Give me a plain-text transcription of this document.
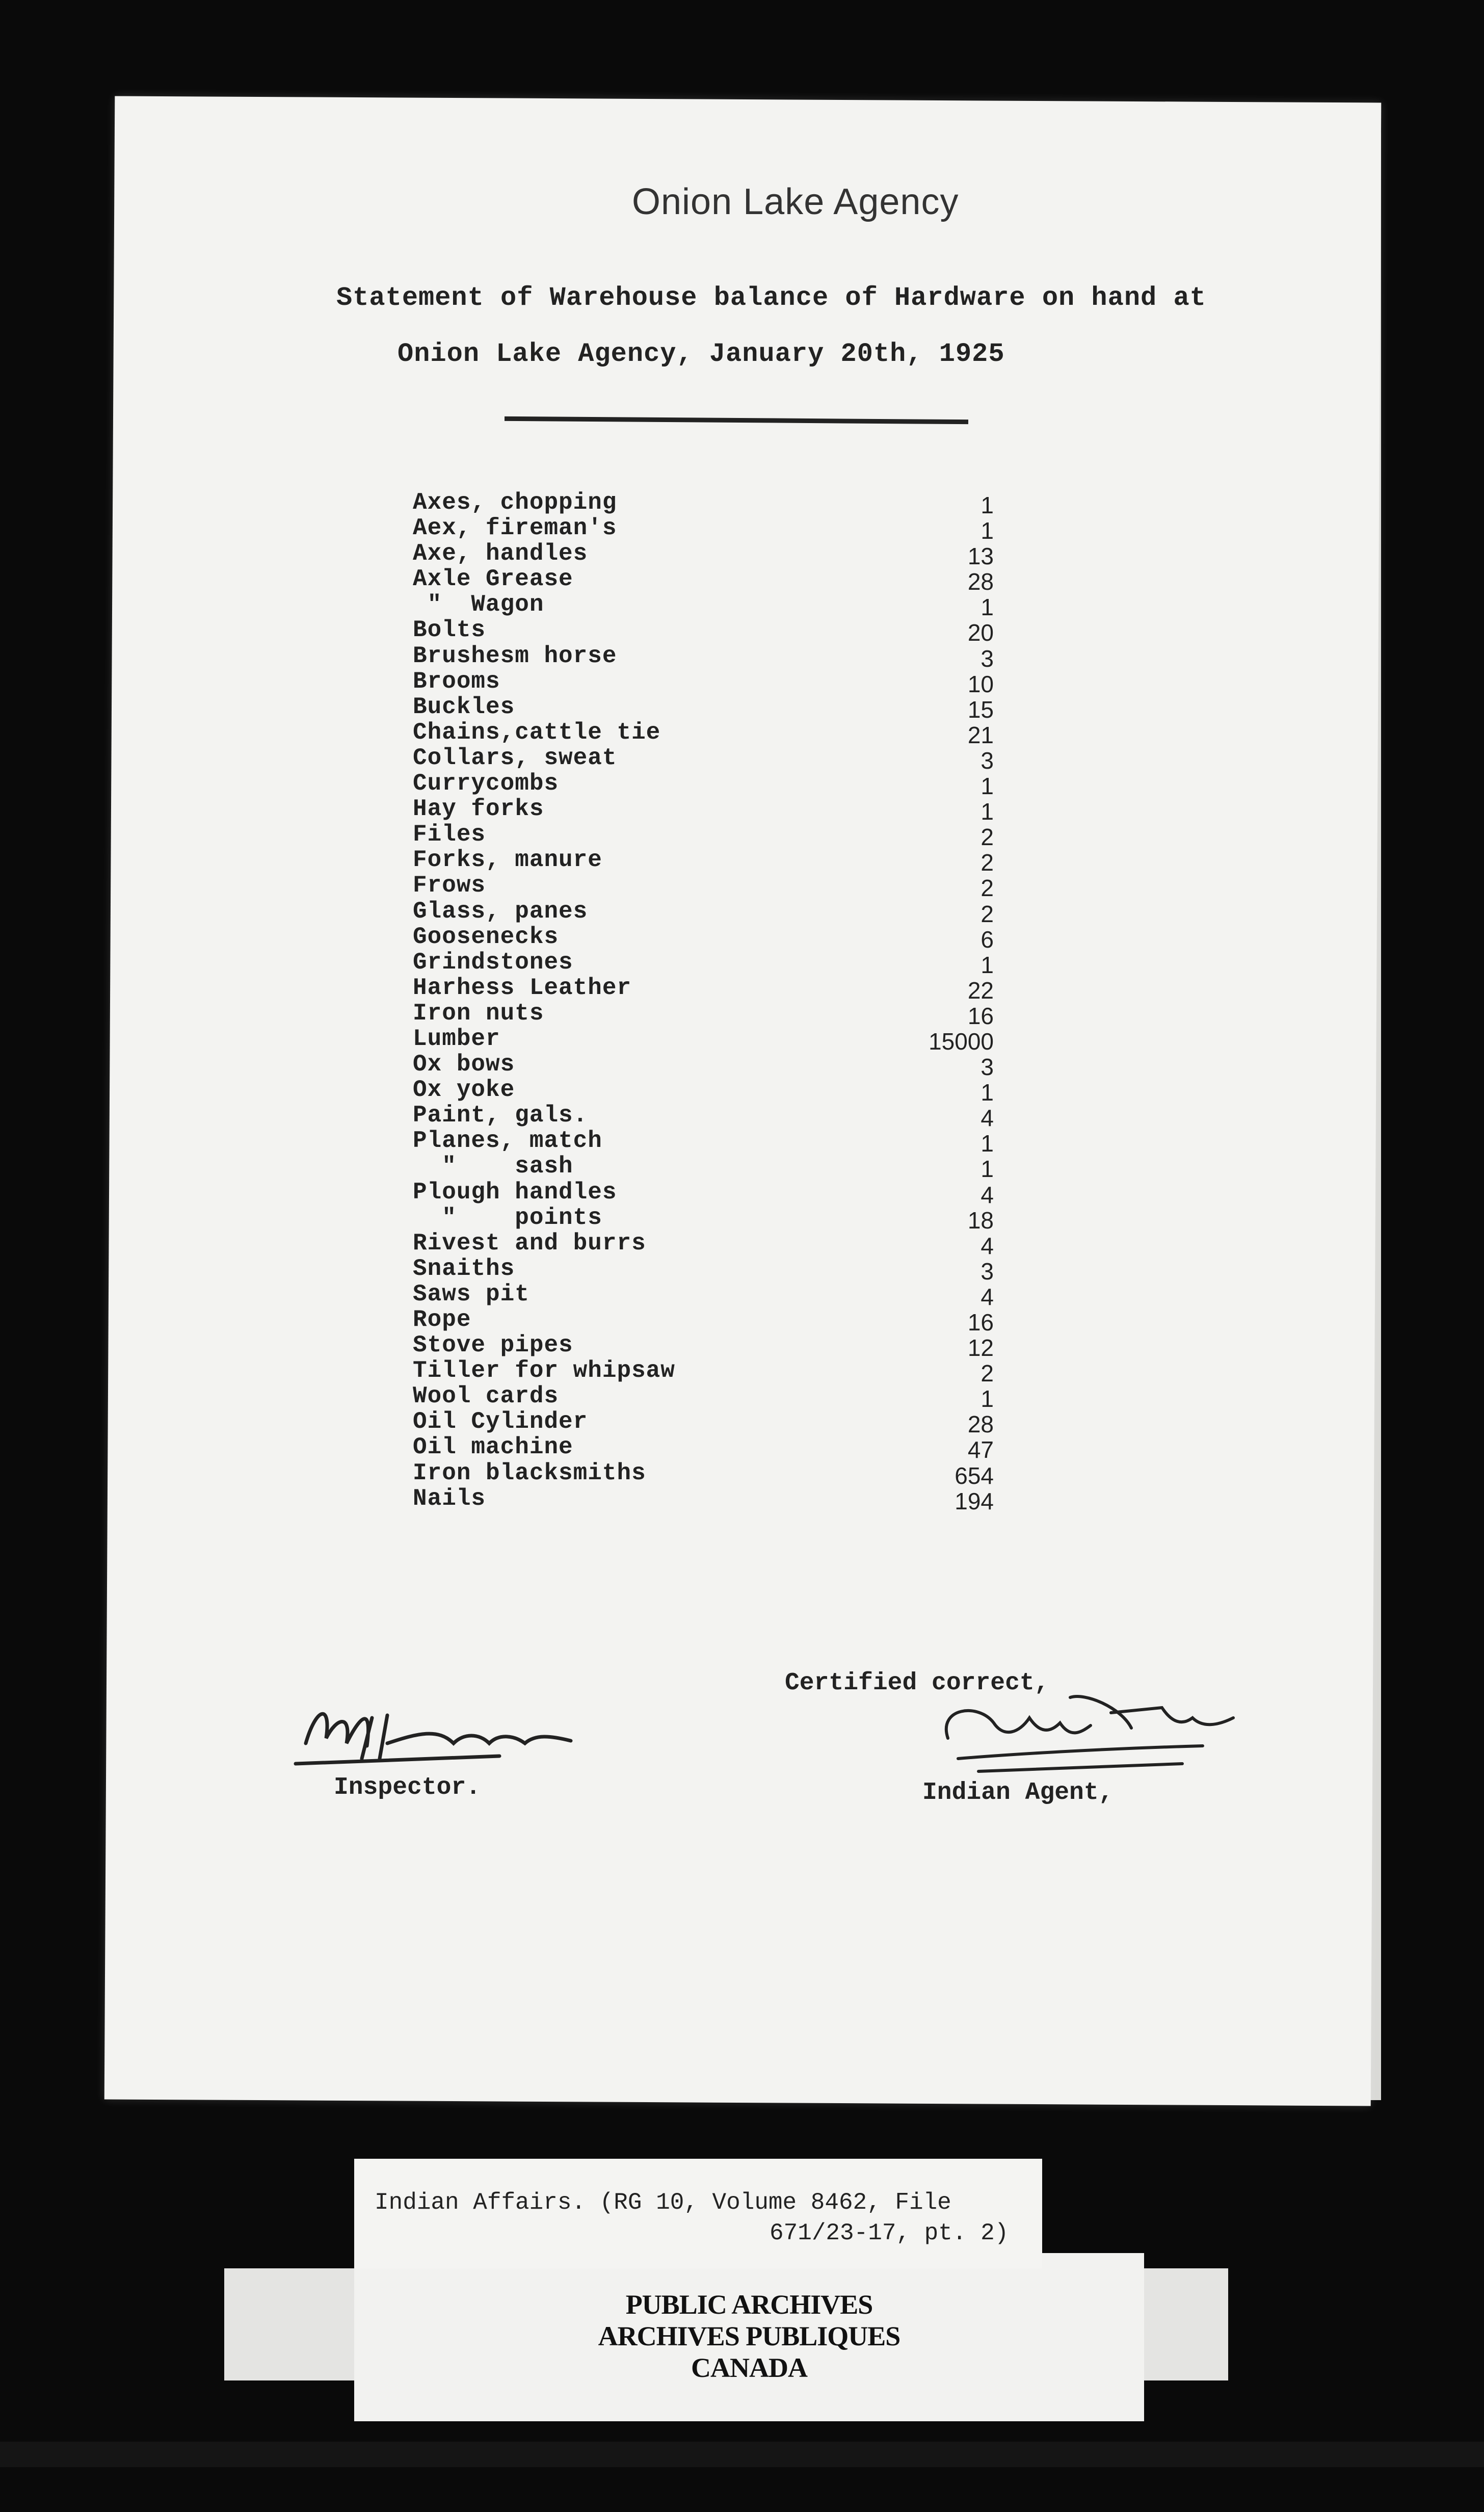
Onion Lake Agency
Statement of Warehouse balance of Hardware on hand at
Onion Lake Agency, January 20th, 1925
Axes, chopping	1
Aex, fireman's	1
Axe, handles	13
Axle Grease	28
"  Wagon	1
Bolts	20
Brushesm horse	3
Brooms	10
Buckles	15
Chains,cattle tie	21
Collars, sweat	3
Currycombs	1
Hay forks	1
Files	2
Forks, manure	2
Frows	2
Glass, panes	2
Goosenecks	6
Grindstones	1
Harhess Leather	22
Iron nuts	16
Lumber	15000
Ox bows	3
Ox yoke	1
Paint, gals.	4
Planes, match	1
"    sash	1
Plough handles	4
"    points	18
Rivest and burrs	4
Snaiths	3
Saws pit	4
Rope	16
Stove pipes	12
Tiller for whipsaw	2
Wool cards	1
Oil Cylinder	28
Oil machine	47
Iron blacksmiths	654
Nails	194
Inspector.
Certified correct,
Indian Agent,
PUBLIC ARCHIVES
ARCHIVES PUBLIQUES
CANADA
Indian Affairs. (RG 10, Volume 8462, File
671/23-17, pt. 2)
